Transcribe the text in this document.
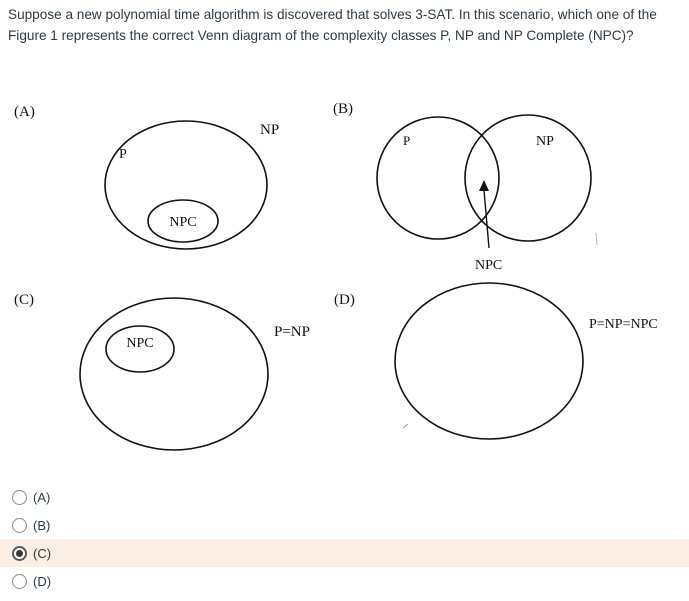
Suppose a new polynomial time algorithm is discovered that solves 3-SAT. In this scenario, which one of the Figure 1 represents the correct Venn diagram of the complexity classes P, NP and NP Complete (NPC)?

(A)
NP
P
NPC
(B)
P	NP
NPC
(C)
P=NP
NPC
(D)
P=NP=NPC
(A)
(B)
(C)
(D)
